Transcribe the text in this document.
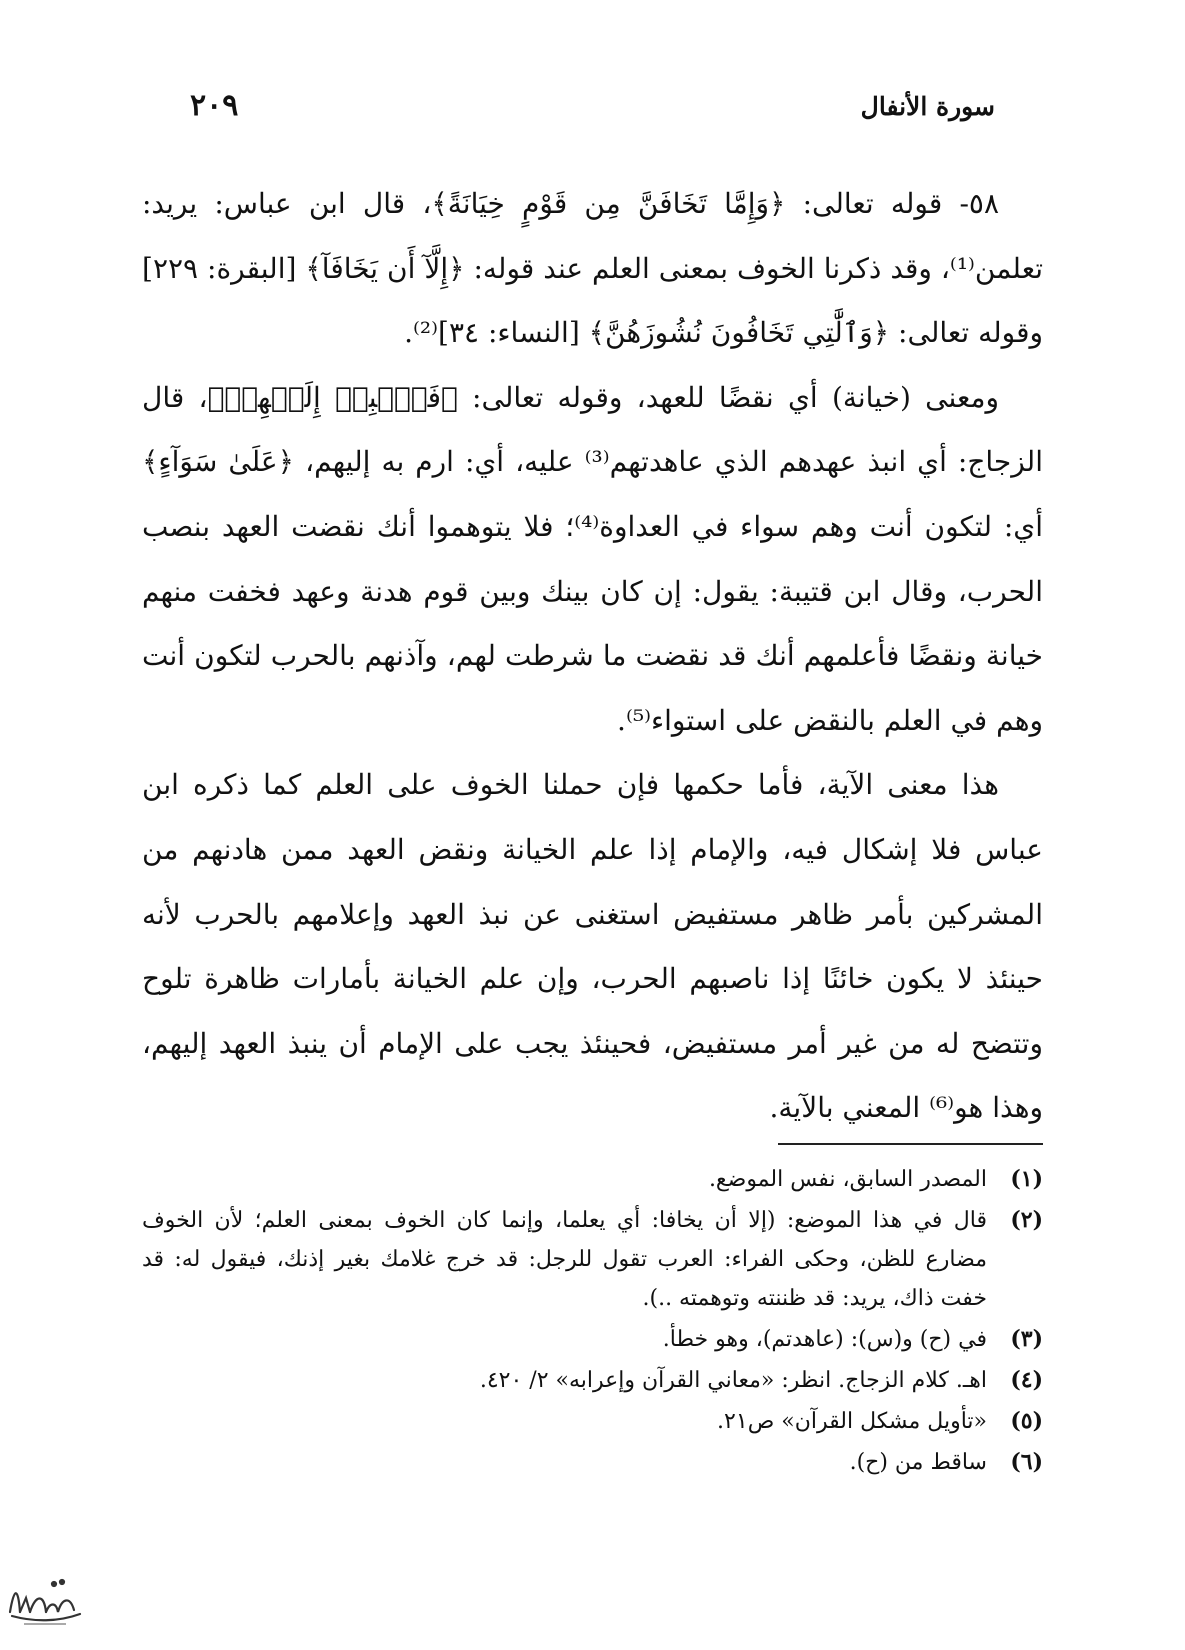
سورة الأنفال
٢٠٩

٥٨- قوله تعالى: ﴿وَإِمَّا تَخَافَنَّ مِن قَوْمٍ خِيَانَةً﴾، قال ابن عباس: يريد: تعلمن⁽¹⁾، وقد ذكرنا الخوف بمعنى العلم عند قوله: ﴿إِلَّآ أَن يَخَافَآ﴾ [البقرة: ٢٢٩] وقوله تعالى: ﴿وَٱلَّٰتِي تَخَافُونَ نُشُوزَهُنَّ﴾ [النساء: ٣٤]⁽²⁾.

ومعنى (خيانة) أي نقضًا للعهد، وقوله تعالى: ﴿فَٱنۢبِذۡ إِلَيۡهِمۡ﴾، قال الزجاج: أي انبذ عهدهم الذي عاهدتهم⁽³⁾ عليه، أي: ارم به إليهم، ﴿عَلَىٰ سَوَآءٍ﴾ أي: لتكون أنت وهم سواء في العداوة⁽⁴⁾؛ فلا يتوهموا أنك نقضت العهد بنصب الحرب، وقال ابن قتيبة: يقول: إن كان بينك وبين قوم هدنة وعهد فخفت منهم خيانة ونقضًا فأعلمهم أنك قد نقضت ما شرطت لهم، وآذنهم بالحرب لتكون أنت وهم في العلم بالنقض على استواء⁽⁵⁾.

هذا معنى الآية، فأما حكمها فإن حملنا الخوف على العلم كما ذكره ابن عباس فلا إشكال فيه، والإمام إذا علم الخيانة ونقض العهد ممن هادنهم من المشركين بأمر ظاهر مستفيض استغنى عن نبذ العهد وإعلامهم بالحرب لأنه حينئذ لا يكون خائنًا إذا ناصبهم الحرب، وإن علم الخيانة بأمارات ظاهرة تلوح وتتضح له من غير أمر مستفيض، فحينئذ يجب على الإمام أن ينبذ العهد إليهم، وهذا هو⁽⁶⁾ المعني بالآية.

(١)
المصدر السابق، نفس الموضع.
(٢)
قال في هذا الموضع: (إلا أن يخافا: أي يعلما، وإنما كان الخوف بمعنى العلم؛ لأن الخوف مضارع للظن، وحكى الفراء: العرب تقول للرجل: قد خرج غلامك بغير إذنك، فيقول له: قد خفت ذاك، يريد: قد ظننته وتوهمته ..).
(٣)
في (ح) و(س): (عاهدتم)، وهو خطأ.
(٤)
اهـ. كلام الزجاج. انظر: «معاني القرآن وإعرابه» ٢/ ٤٢٠.
(٥)
«تأويل مشكل القرآن» ص٢١.
(٦)
ساقط من (ح).
